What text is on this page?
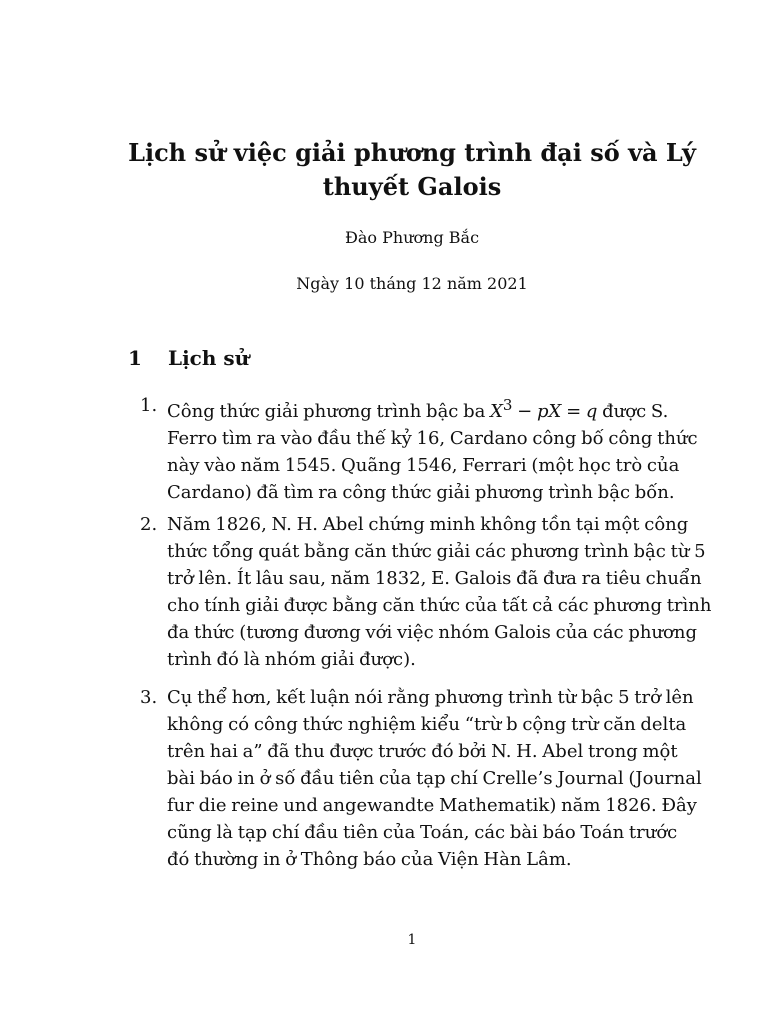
Lịch sử việc giải phương trình đại số và Lý
thuyết Galois
Đào Phương Bắc
Ngày 10 tháng 12 năm 2021
1 Lịch sử
1. Công thức giải phương trình bậc ba $X^3$ − pX = q được S.
Ferro tìm ra vào đầu thế kỷ 16, Cardano công bố công thức
này vào năm 1545. Quãng 1546, Ferrari (một học trò của
Cardano) đã tìm ra công thức giải phương trình bậc bốn.
2. Năm 1826, N. H. Abel chứng minh không tồn tại một công
thức tổng quát bằng căn thức giải các phương trình bậc từ 5
trở lên. Ít lâu sau, năm 1832, E. Galois đã đưa ra tiêu chuẩn
cho tính giải được bằng căn thức của tất cả các phương trình
đa thức (tương đương với việc nhóm Galois của các phương
trình đó là nhóm giải được).
3. Cụ thể hơn, kết luận nói rằng phương trình từ bậc 5 trở lên
không có công thức nghiệm kiểu “trừ b cộng trừ căn delta
trên hai a” đã thu được trước đó bởi N. H. Abel trong một
bài báo in ở số đầu tiên của tạp chí Crelle’s Journal (Journal
fur die reine und angewandte Mathematik) năm 1826. Đây
cũng là tạp chí đầu tiên của Toán, các bài báo Toán trước
đó thường in ở Thông báo của Viện Hàn Lâm.
1
